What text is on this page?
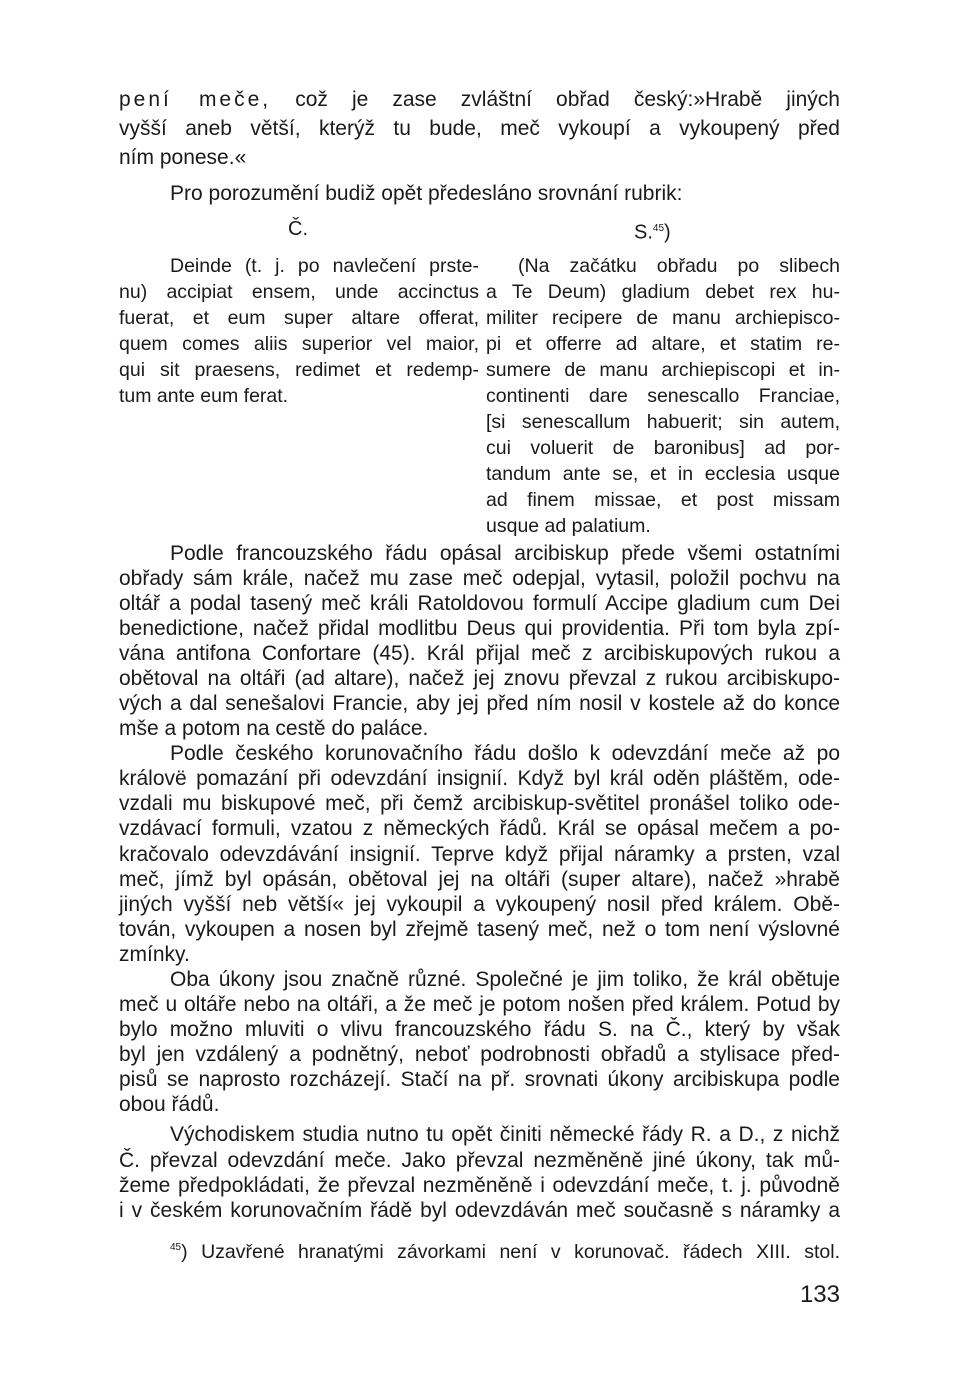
pení meče, což je zase zvláštní obřad český:»Hrabě jiných
vyšší aneb větší, kterýž tu bude, meč vykoupí a vykoupený před
ním ponese.«
Pro porozumění budiž opět předesláno srovnání rubrik:
Č.	S.$^{45}$)
Deinde (t. j. po navlečení prste-
nu) accipiat ensem, unde accinctus
fuerat, et eum super altare offerat,
quem comes aliis superior vel maior,
qui sit praesens, redimet et redemp-
tum ante eum ferat.
(Na začátku obřadu po slibech
a Te Deum) gladium debet rex hu-
militer recipere de manu archiepisco-
pi et offerre ad altare, et statim re-
sumere de manu archiepiscopi et in-
continenti dare senescallo Franciae,
[si senescallum habuerit; sin autem,
cui voluerit de baronibus] ad por-
tandum ante se, et in ecclesia usque
ad finem missae, et post missam
usque ad palatium.
Podle francouzského řádu opásal arcibiskup přede všemi ostatními
obřady sám krále, načež mu zase meč odepjal, vytasil, položil pochvu na
oltář a podal tasený meč králi Ratoldovou formulí Accipe gladium cum Dei
benedictione, načež přidal modlitbu Deus qui providentia. Při tom byla zpí-
vána antifona Confortare (45). Král přijal meč z arcibiskupových rukou a
obětoval na oltáři (ad altare), načež jej znovu převzal z rukou arcibiskupo-
vých a dal senešalovi Francie, aby jej před ním nosil v kostele až do konce
mše a potom na cestě do paláce.
Podle českého korunovačního řádu došlo k odevzdání meče až po
královë pomazání při odevzdání insignií. Když byl král oděn pláštěm, ode-
vzdali mu biskupové meč, při čemž arcibiskup-světitel pronášel toliko ode-
vzdávací formuli, vzatou z německých řádů. Král se opásal mečem a po-
kračovalo odevzdávání insignií. Teprve když přijal náramky a prsten, vzal
meč, jímž byl opásán, obětoval jej na oltáři (super altare), načež »hrabě
jiných vyšší neb větší« jej vykoupil a vykoupený nosil před králem. Obě-
tován, vykoupen a nosen byl zřejmě tasený meč, než o tom není výslovné
zmínky.
Oba úkony jsou značně různé. Společné je jim toliko, že král obětuje
meč u oltáře nebo na oltáři, a že meč je potom nošen před králem. Potud by
bylo možno mluviti o vlivu francouzského řádu S. na Č., který by však
byl jen vzdálený a podnětný, neboť podrobnosti obřadů a stylisace před-
pisů se naprosto rozcházejí. Stačí na př. srovnati úkony arcibiskupa podle
obou řádů.
Východiskem studia nutno tu opět činiti německé řády R. a D., z nichž
Č. převzal odevzdání meče. Jako převzal nezměněně jiné úkony, tak mů-
žeme předpokládati, že převzal nezměněně i odevzdání meče, t. j. původně
i v českém korunovačním řádě byl odevzdáván meč současně s náramky a
$^{45}$) Uzavřené hranatými závorkami není v korunovač. řádech XIII. stol.
133
